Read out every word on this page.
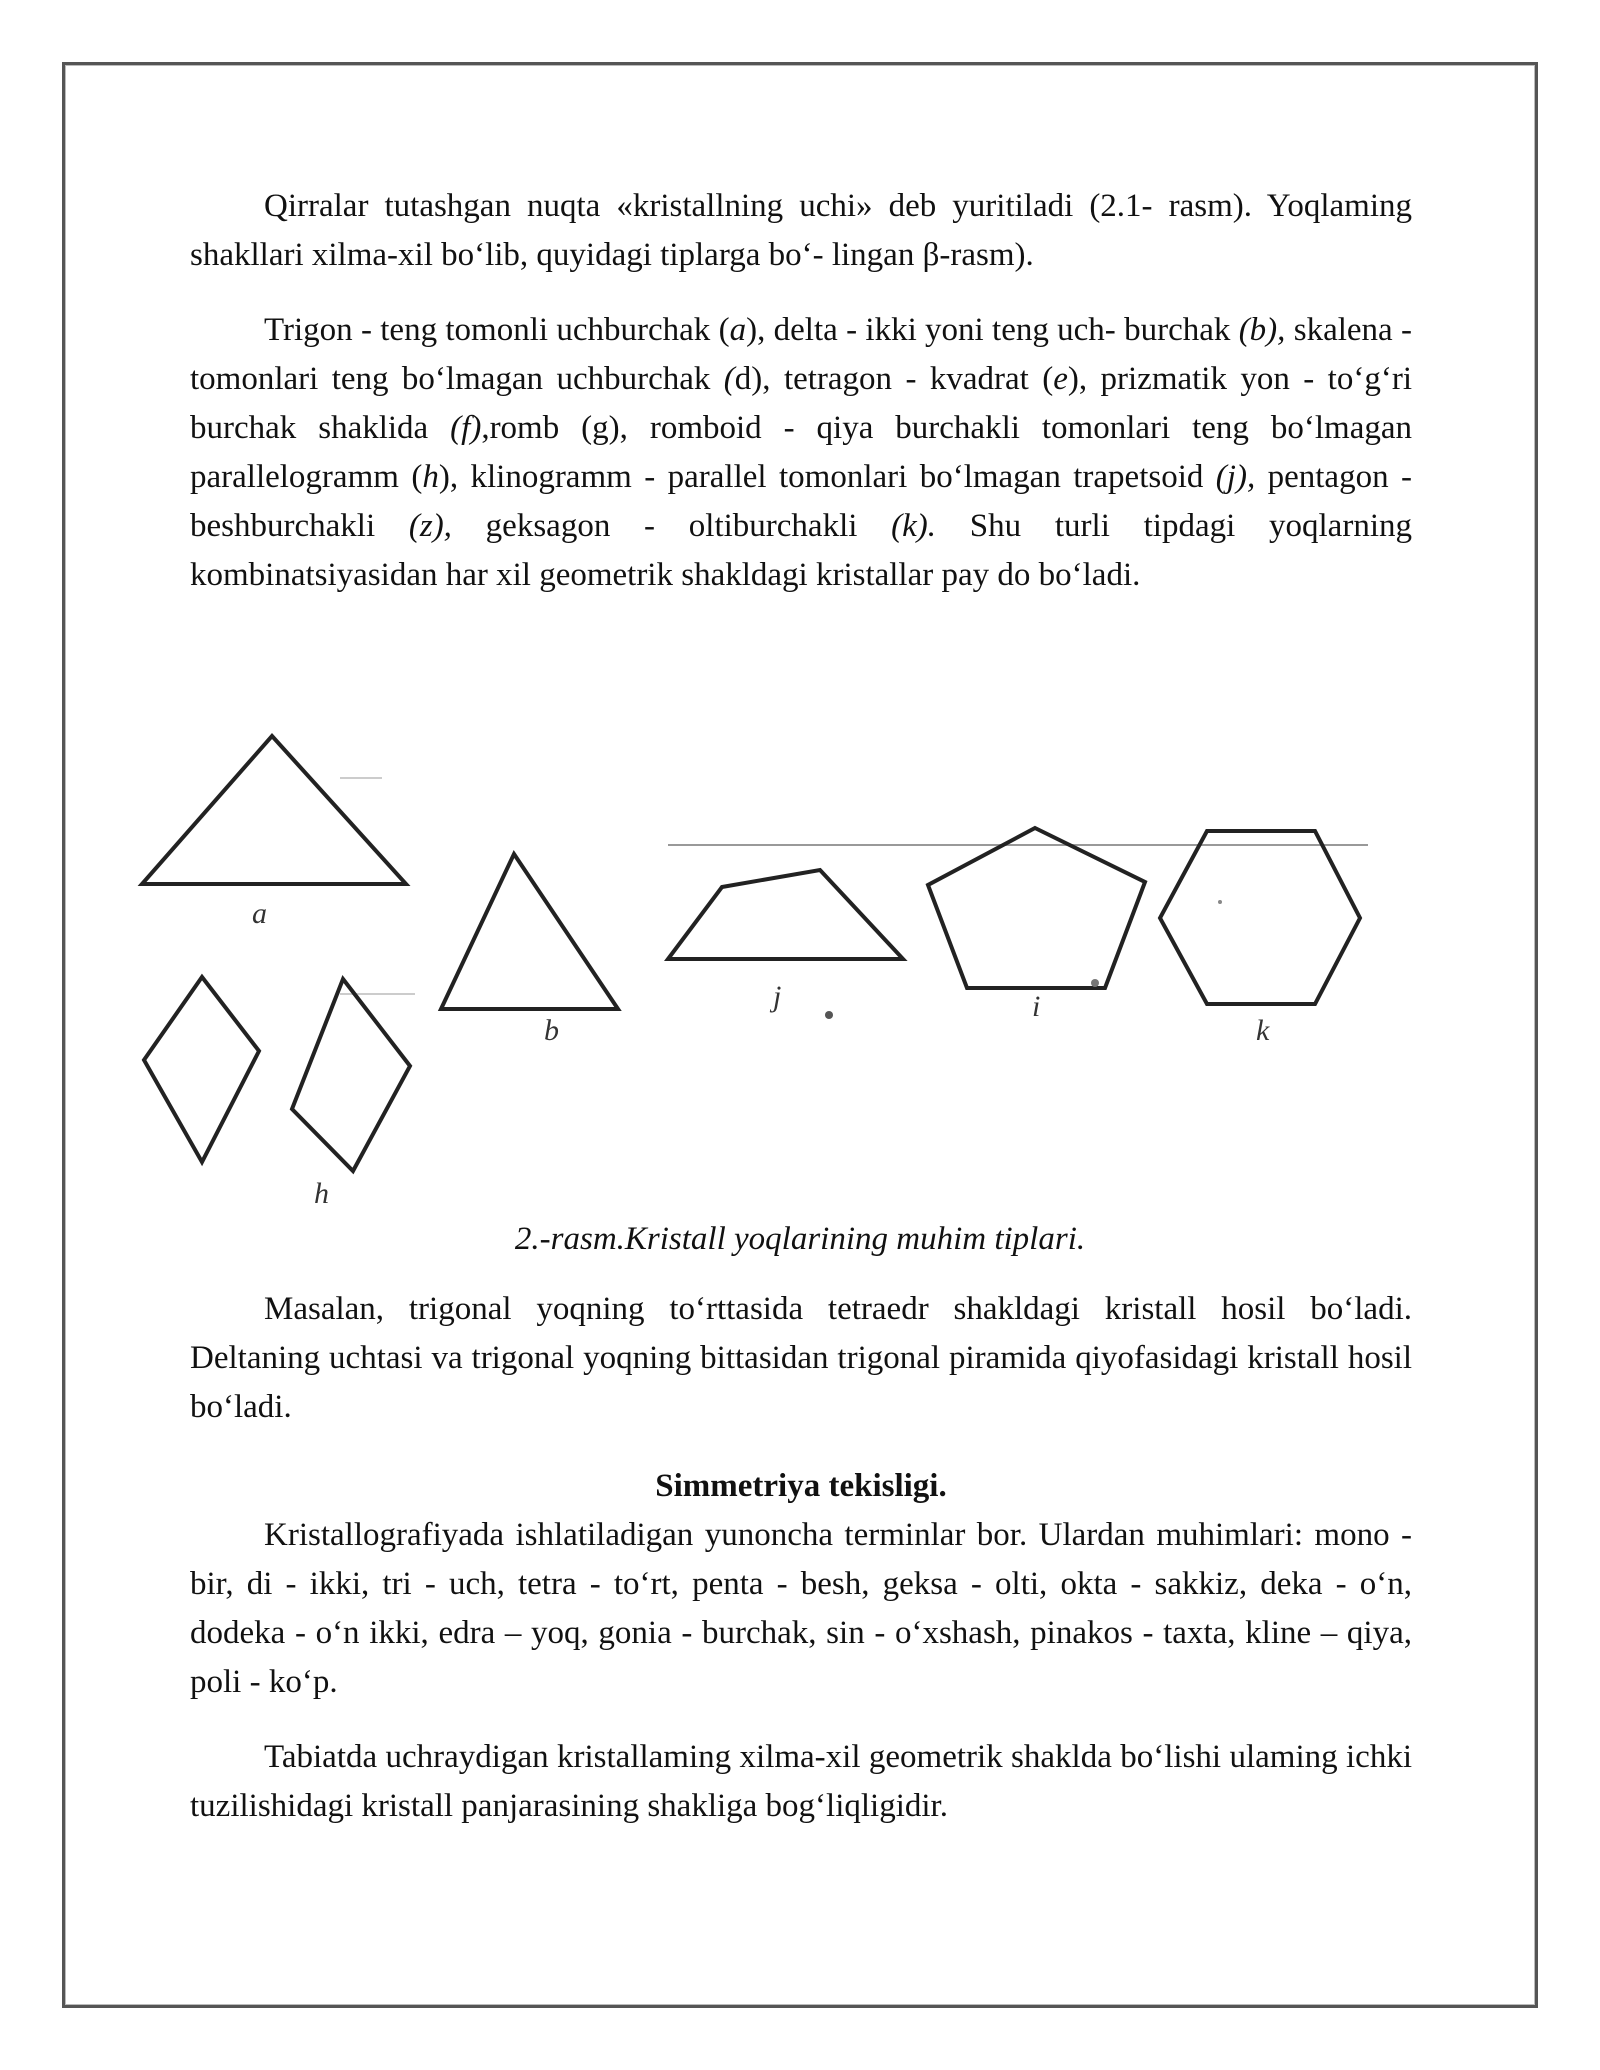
Qirralar tutashgan nuqta «kristallning uchi» deb yuritiladi (2.1- rasm). Yoqlaming shakllari xilma-xil bo‘lib, quyidagi tiplarga bo‘- lingan β-rasm).

Trigon - teng tomonli uchburchak (a), delta - ikki yoni teng uch- burchak (b), skalena - tomonlari teng bo‘lmagan uchburchak (d), tetragon - kvadrat (e), prizmatik yon - to‘g‘ri burchak shaklida (f),romb (g), romboid - qiya burchakli tomonlari teng bo‘lmagan parallelogramm (h), klinogramm - parallel tomonlari bo‘lmagan trapetsoid (j), pentagon - beshburchakli (z), geksagon - oltiburchakli (k). Shu turli tipdagi yoqlarning kombinatsiyasidan har xil geometrik shakldagi kristallar pay do bo‘ladi.

a
b
h
j	i
k
2.-rasm.Kristall yoqlarining muhim tiplari.

Masalan, trigonal yoqning to‘rttasida tetraedr shakldagi kristall hosil bo‘ladi. Deltaning uchtasi va trigonal yoqning bittasidan trigonal piramida qiyofasidagi kristall hosil bo‘ladi.

Simmetriya tekisligi.

Kristallografiyada ishlatiladigan yunoncha terminlar bor. Ulardan muhimlari: mono - bir, di - ikki, tri - uch, tetra - to‘rt, penta - besh, geksa - olti, okta - sakkiz, deka - o‘n, dodeka - o‘n ikki, edra – yoq, gonia - burchak, sin - o‘xshash, pinakos - taxta, kline – qiya, poli - ko‘p.

Tabiatda uchraydigan kristallaming xilma-xil geometrik shaklda bo‘lishi ulaming ichki tuzilishidagi kristall panjarasining shakliga bog‘liqligidir.
